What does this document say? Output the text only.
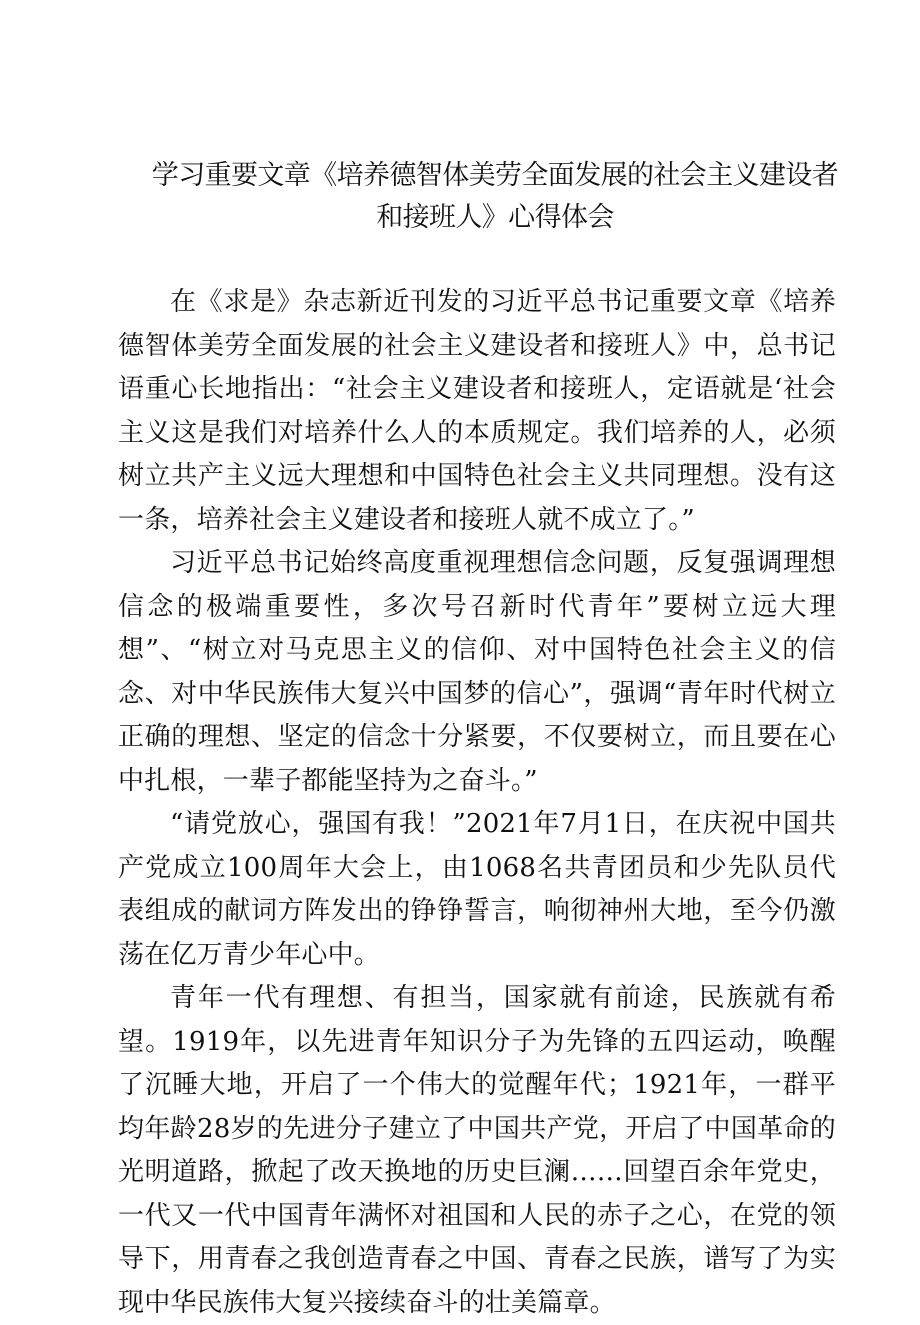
学习重要文章《培养德智体美劳全面发展的社会主义建设者和接班人》心得体会

在《求是》杂志新近刊发的习近平总书记重要文章《培养德智体美劳全面发展的社会主义建设者和接班人》中，总书记语重心长地指出：“社会主义建设者和接班人，定语就是‘社会主义这是我们对培养什么人的本质规定。我们培养的人，必须树立共产主义远大理想和中国特色社会主义共同理想。没有这一条，培养社会主义建设者和接班人就不成立了。”

习近平总书记始终高度重视理想信念问题，反复强调理想信念的极端重要性，多次号召新时代青年”要树立远大理想”、“树立对马克思主义的信仰、对中国特色社会主义的信念、对中华民族伟大复兴中国梦的信心”，强调“青年时代树立正确的理想、坚定的信念十分紧要，不仅要树立，而且要在心中扎根，一辈子都能坚持为之奋斗。”

“请党放心，强国有我！”2021年7月1日，在庆祝中国共产党成立100周年大会上，由1068名共青团员和少先队员代表组成的献词方阵发出的铮铮誓言，响彻神州大地，至今仍激荡在亿万青少年心中。

青年一代有理想、有担当，国家就有前途，民族就有希望。1919年，以先进青年知识分子为先锋的五四运动，唤醒了沉睡大地，开启了一个伟大的觉醒年代；1921年，一群平均年龄28岁的先进分子建立了中国共产党，开启了中国革命的光明道路，掀起了改天换地的历史巨澜……回望百余年党史，一代又一代中国青年满怀对祖国和人民的赤子之心，在党的领导下，用青春之我创造青春之中国、青春之民族，谱写了为实现中华民族伟大复兴接续奋斗的壮美篇章。
